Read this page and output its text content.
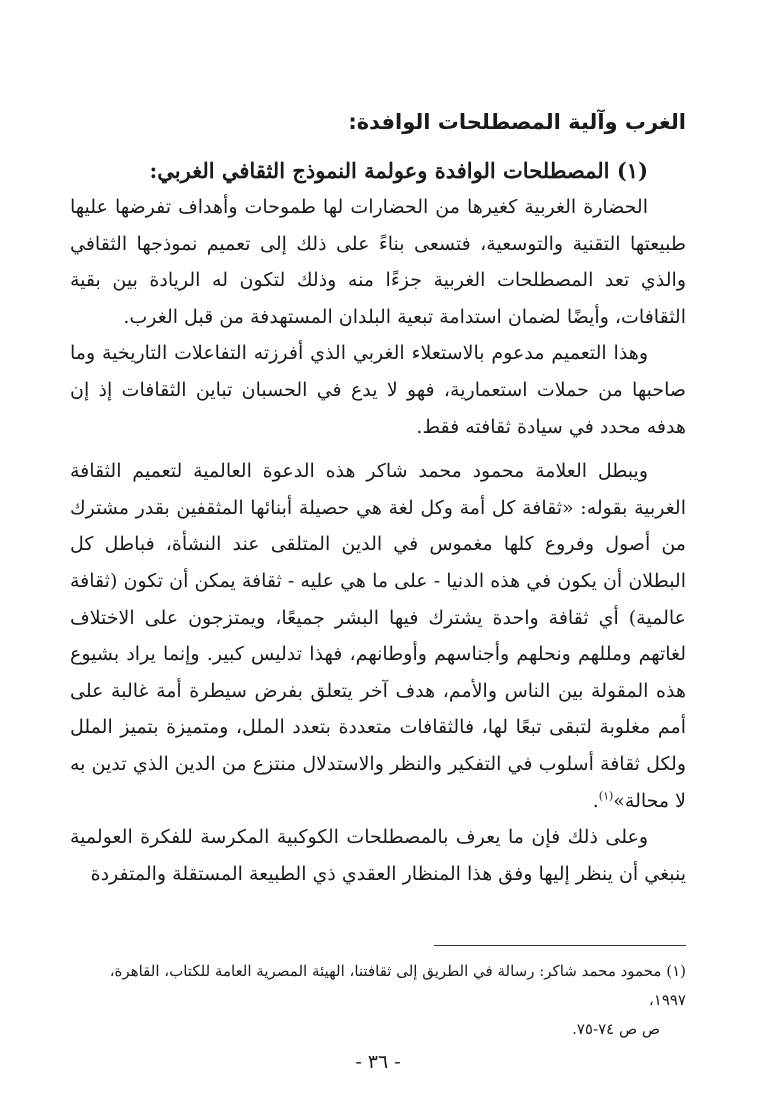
الغرب وآلية المصطلحات الوافدة:
(١) المصطلحات الوافدة وعولمة النموذج الثقافي الغربي:

الحضارة الغربية كغيرها من الحضارات لها طموحات وأهداف تفرضها عليها طبيعتها التقنية والتوسعية، فتسعى بناءً على ذلك إلى تعميم نموذجها الثقافي والذي تعد المصطلحات الغربية جزءًا منه وذلك لتكون له الريادة بين بقية الثقافات، وأيضًا لضمان استدامة تبعية البلدان المستهدفة من قبل الغرب.

وهذا التعميم مدعوم بالاستعلاء الغربي الذي أفرزته التفاعلات التاريخية وما صاحبها من حملات استعمارية، فهو لا يدع في الحسبان تباين الثقافات إذ إن هدفه محدد في سيادة ثقافته فقط.

ويبطل العلامة محمود محمد شاكر هذه الدعوة العالمية لتعميم الثقافة الغربية بقوله: «ثقافة كل أمة وكل لغة هي حصيلة أبنائها المثقفين بقدر مشترك من أصول وفروع كلها مغموس في الدين المتلقى عند النشأة، فباطل كل البطلان أن يكون في هذه الدنيا - على ما هي عليه - ثقافة يمكن أن تكون (ثقافة عالمية) أي ثقافة واحدة يشترك فيها البشر جميعًا، ويمتزجون على الاختلاف لغاتهم ومللهم ونحلهم وأجناسهم وأوطانهم، فهذا تدليس كبير. وإنما يراد بشيوع هذه المقولة بين الناس والأمم، هدف آخر يتعلق بفرض سيطرة أمة غالبة على أمم مغلوبة لتبقى تبعًا لها، فالثقافات متعددة بتعدد الملل، ومتميزة بتميز الملل ولكل ثقافة أسلوب في التفكير والنظر والاستدلال منتزع من الدين الذي تدين به لا محالة»$^{(١)}$.

وعلى ذلك فإن ما يعرف بالمصطلحات الكوكبية المكرسة للفكرة العولمية ينبغي أن ينظر إليها وفق هذا المنظار العقدي ذي الطبيعة المستقلة والمتفردة

(١) محمود محمد شاكر: رسالة في الطريق إلى ثقافتنا، الهيئة المصرية العامة للكتاب، القاهرة، ١٩٩٧،
ص ص ٧٤-٧٥.
- ٣٦ -
